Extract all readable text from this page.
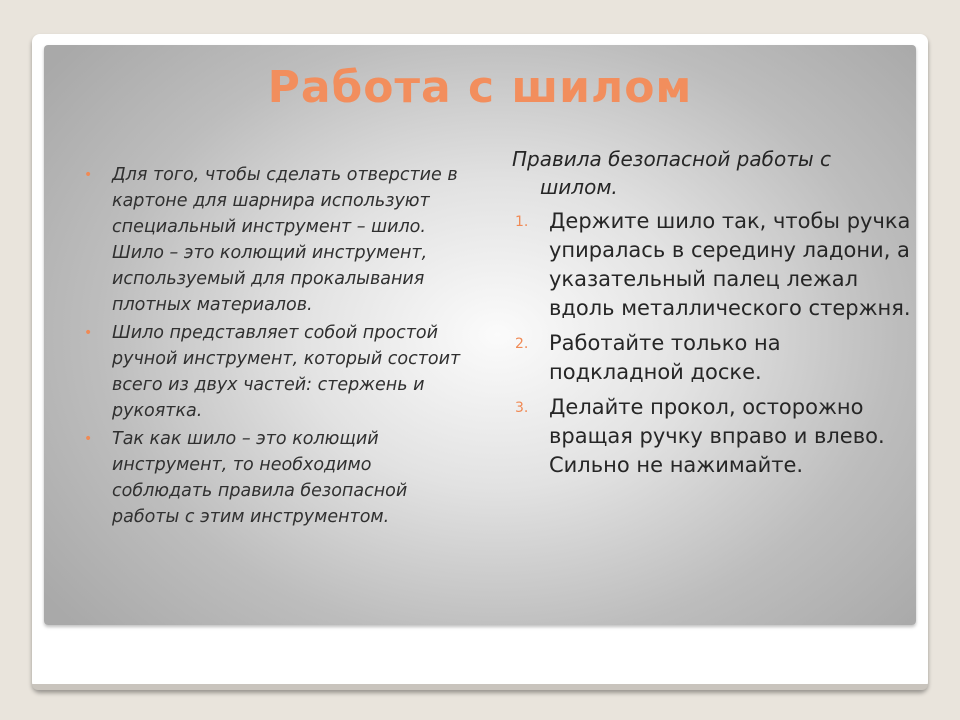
Работа с шилом
• Для того, чтобы сделать отверстие в картоне для шарнира используют специальный инструмент – шило. Шило – это колющий инструмент, используемый для прокалывания плотных материалов.
• Шило представляет собой простой ручной инструмент, который состоит всего из двух частей: стержень и рукоятка.
• Так как шило – это колющий инструмент, то необходимо соблюдать правила безопасной работы с этим инструментом.

Правила безопасной работы с шилом.

1. Держите шило так, чтобы ручка упиралась в середину ладони, а указательный палец лежал вдоль металлического стержня.
2. Работайте только на подкладной доске.
3. Делайте прокол, осторожно вращая ручку вправо и влево. Сильно не нажимайте.
